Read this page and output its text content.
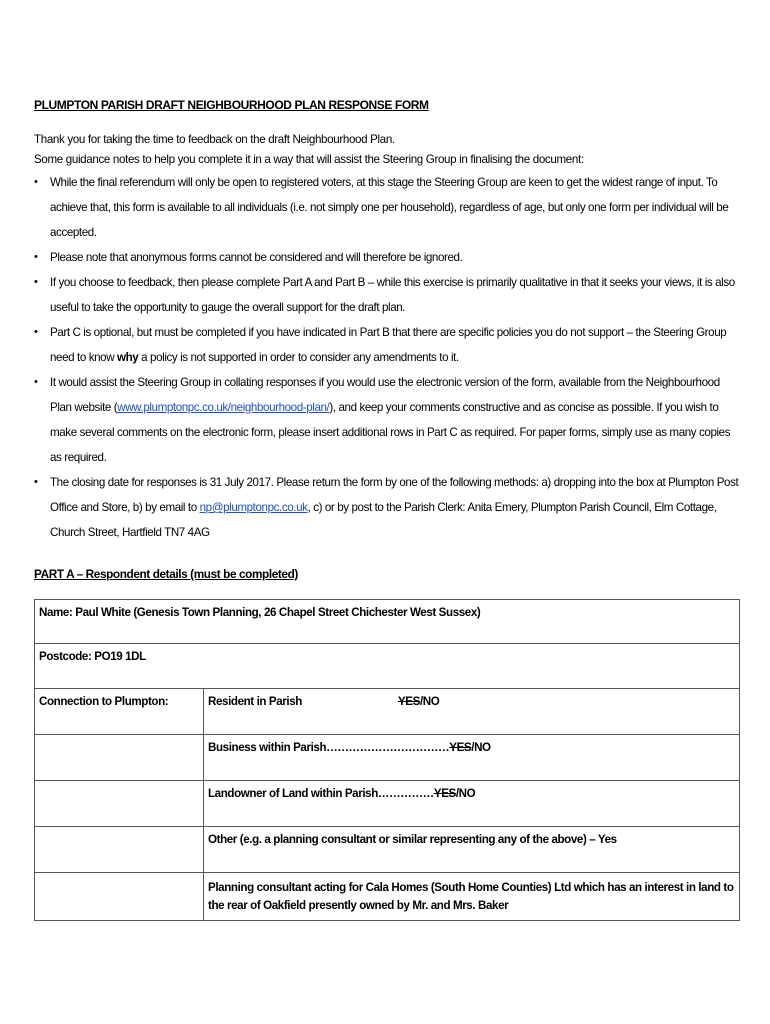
PLUMPTON PARISH DRAFT NEIGHBOURHOOD PLAN RESPONSE FORM

Thank you for taking the time to feedback on the draft Neighbourhood Plan.

Some guidance notes to help you complete it in a way that will assist the Steering Group in finalising the document:

• While the final referendum will only be open to registered voters, at this stage the Steering Group are keen to get the widest range of input. To achieve that, this form is available to all individuals (i.e. not simply one per household), regardless of age, but only one form per individual will be accepted.
• Please note that anonymous forms cannot be considered and will therefore be ignored.
• If you choose to feedback, then please complete Part A and Part B – while this exercise is primarily qualitative in that it seeks your views, it is also useful to take the opportunity to gauge the overall support for the draft plan.
• Part C is optional, but must be completed if you have indicated in Part B that there are specific policies you do not support – the Steering Group need to know why a policy is not supported in order to consider any amendments to it.
• It would assist the Steering Group in collating responses if you would use the electronic version of the form, available from the Neighbourhood Plan website (www.plumptonpc.co.uk/neighbourhood-plan/), and keep your comments constructive and as concise as possible. If you wish to make several comments on the electronic form, please insert additional rows in Part C as required. For paper forms, simply use as many copies as required.
• The closing date for responses is 31 July 2017. Please return the form by one of the following methods: a) dropping into the box at Plumpton Post Office and Store, b) by email to np@plumptonpc.co.uk, c) or by post to the Parish Clerk: Anita Emery, Plumpton Parish Council, Elm Cottage, Church Street, Hartfield TN7 4AG
PART A – Respondent details (must be completed)
Name: Paul White (Genesis Town Planning, 26 Chapel Street Chichester West Sussex)	
Postcode: PO19 1DL	
Connection to Plumpton:	Resident in Parish YES/NO
	Business within Parish……………………………YES/NO
	Landowner of Land within Parish……………YES/NO
	Other (e.g. a planning consultant or similar representing any of the above) – Yes
	Planning consultant acting for Cala Homes (South Home Counties) Ltd which has an interest in land to the rear of Oakfield presently owned by Mr. and Mrs. Baker
